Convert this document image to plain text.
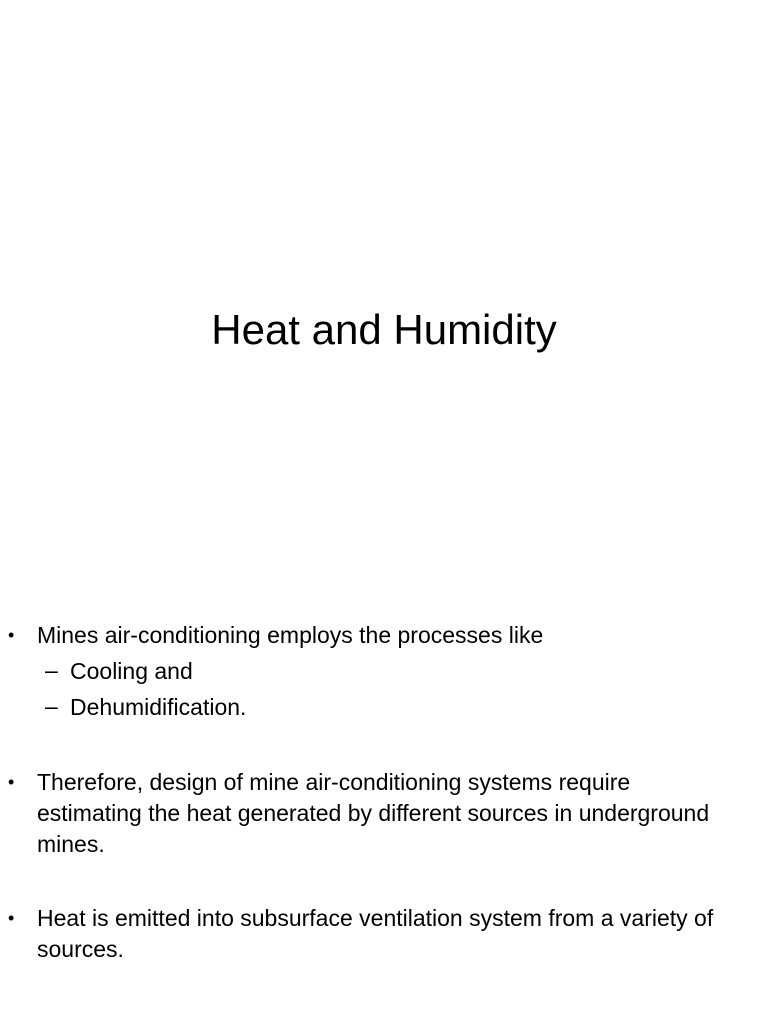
Heat and Humidity
• Mines air-conditioning employs the processes like
– Cooling and
– Dehumidification.
• Therefore, design of mine air-conditioning systems require estimating the heat generated by different sources in underground mines.
• Heat is emitted into subsurface ventilation system from a variety of sources.
